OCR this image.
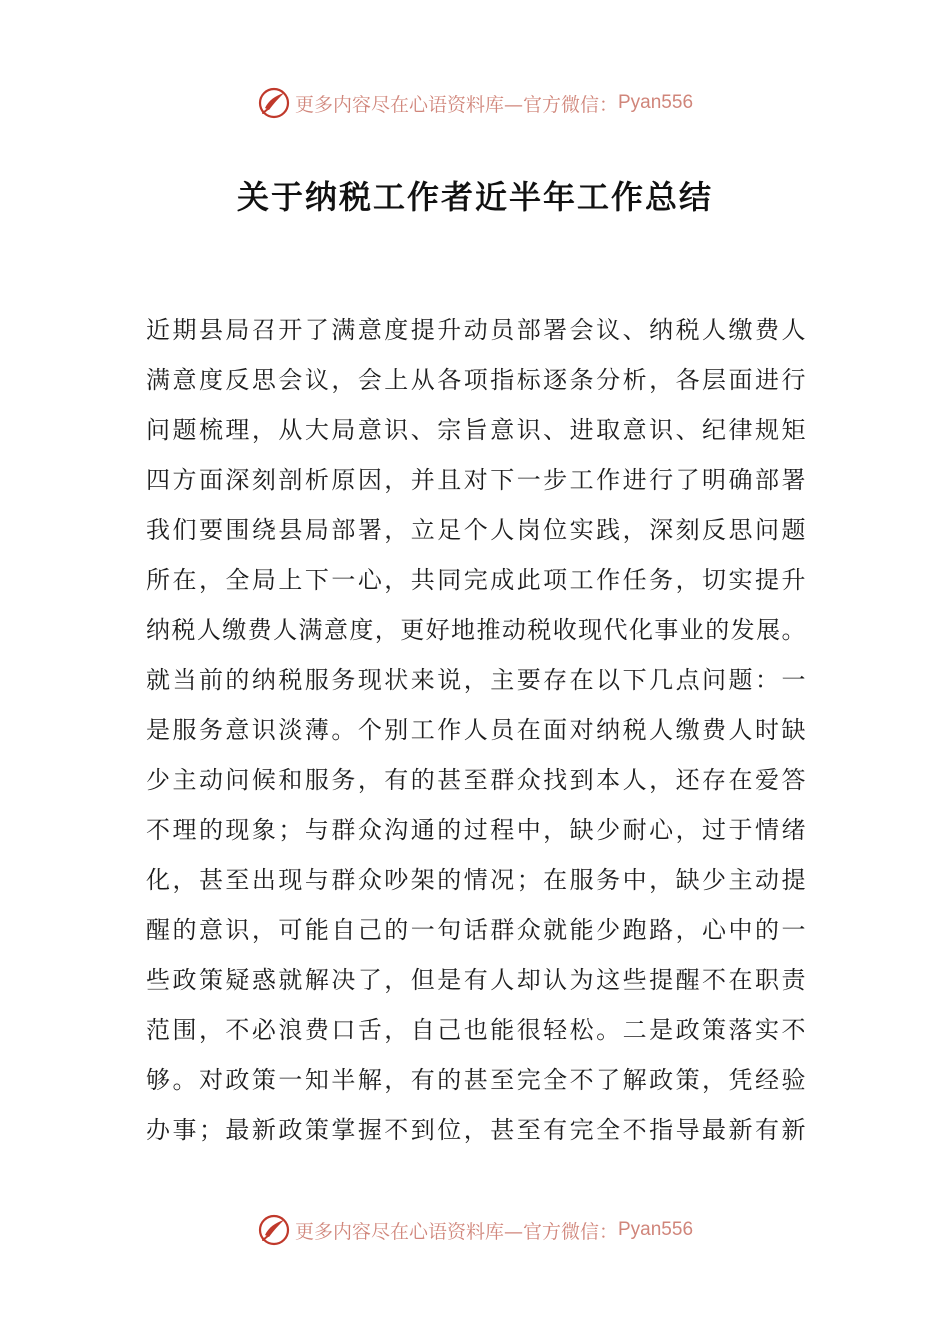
更多内容尽在心语资料库—官方微信： Pyan556
关于纳税工作者近半年工作总结
近期县局召开了满意度提升动员部署会议、纳税人缴费人
满意度反思会议，会上从各项指标逐条分析，各层面进行
问题梳理，从大局意识、宗旨意识、进取意识、纪律规矩
四方面深刻剖析原因，并且对下一步工作进行了明确部署
我们要围绕县局部署，立足个人岗位实践，深刻反思问题
所在，全局上下一心，共同完成此项工作任务，切实提升
纳税人缴费人满意度，更好地推动税收现代化事业的发展。
就当前的纳税服务现状来说，主要存在以下几点问题：一
是服务意识淡薄。个别工作人员在面对纳税人缴费人时缺
少主动问候和服务，有的甚至群众找到本人，还存在爱答
不理的现象；与群众沟通的过程中，缺少耐心，过于情绪
化，甚至出现与群众吵架的情况；在服务中，缺少主动提
醒的意识，可能自己的一句话群众就能少跑路，心中的一
些政策疑惑就解决了，但是有人却认为这些提醒不在职责
范围，不必浪费口舌，自己也能很轻松。二是政策落实不
够。对政策一知半解，有的甚至完全不了解政策，凭经验
办事；最新政策掌握不到位，甚至有完全不指导最新有新
更多内容尽在心语资料库—官方微信： Pyan556
